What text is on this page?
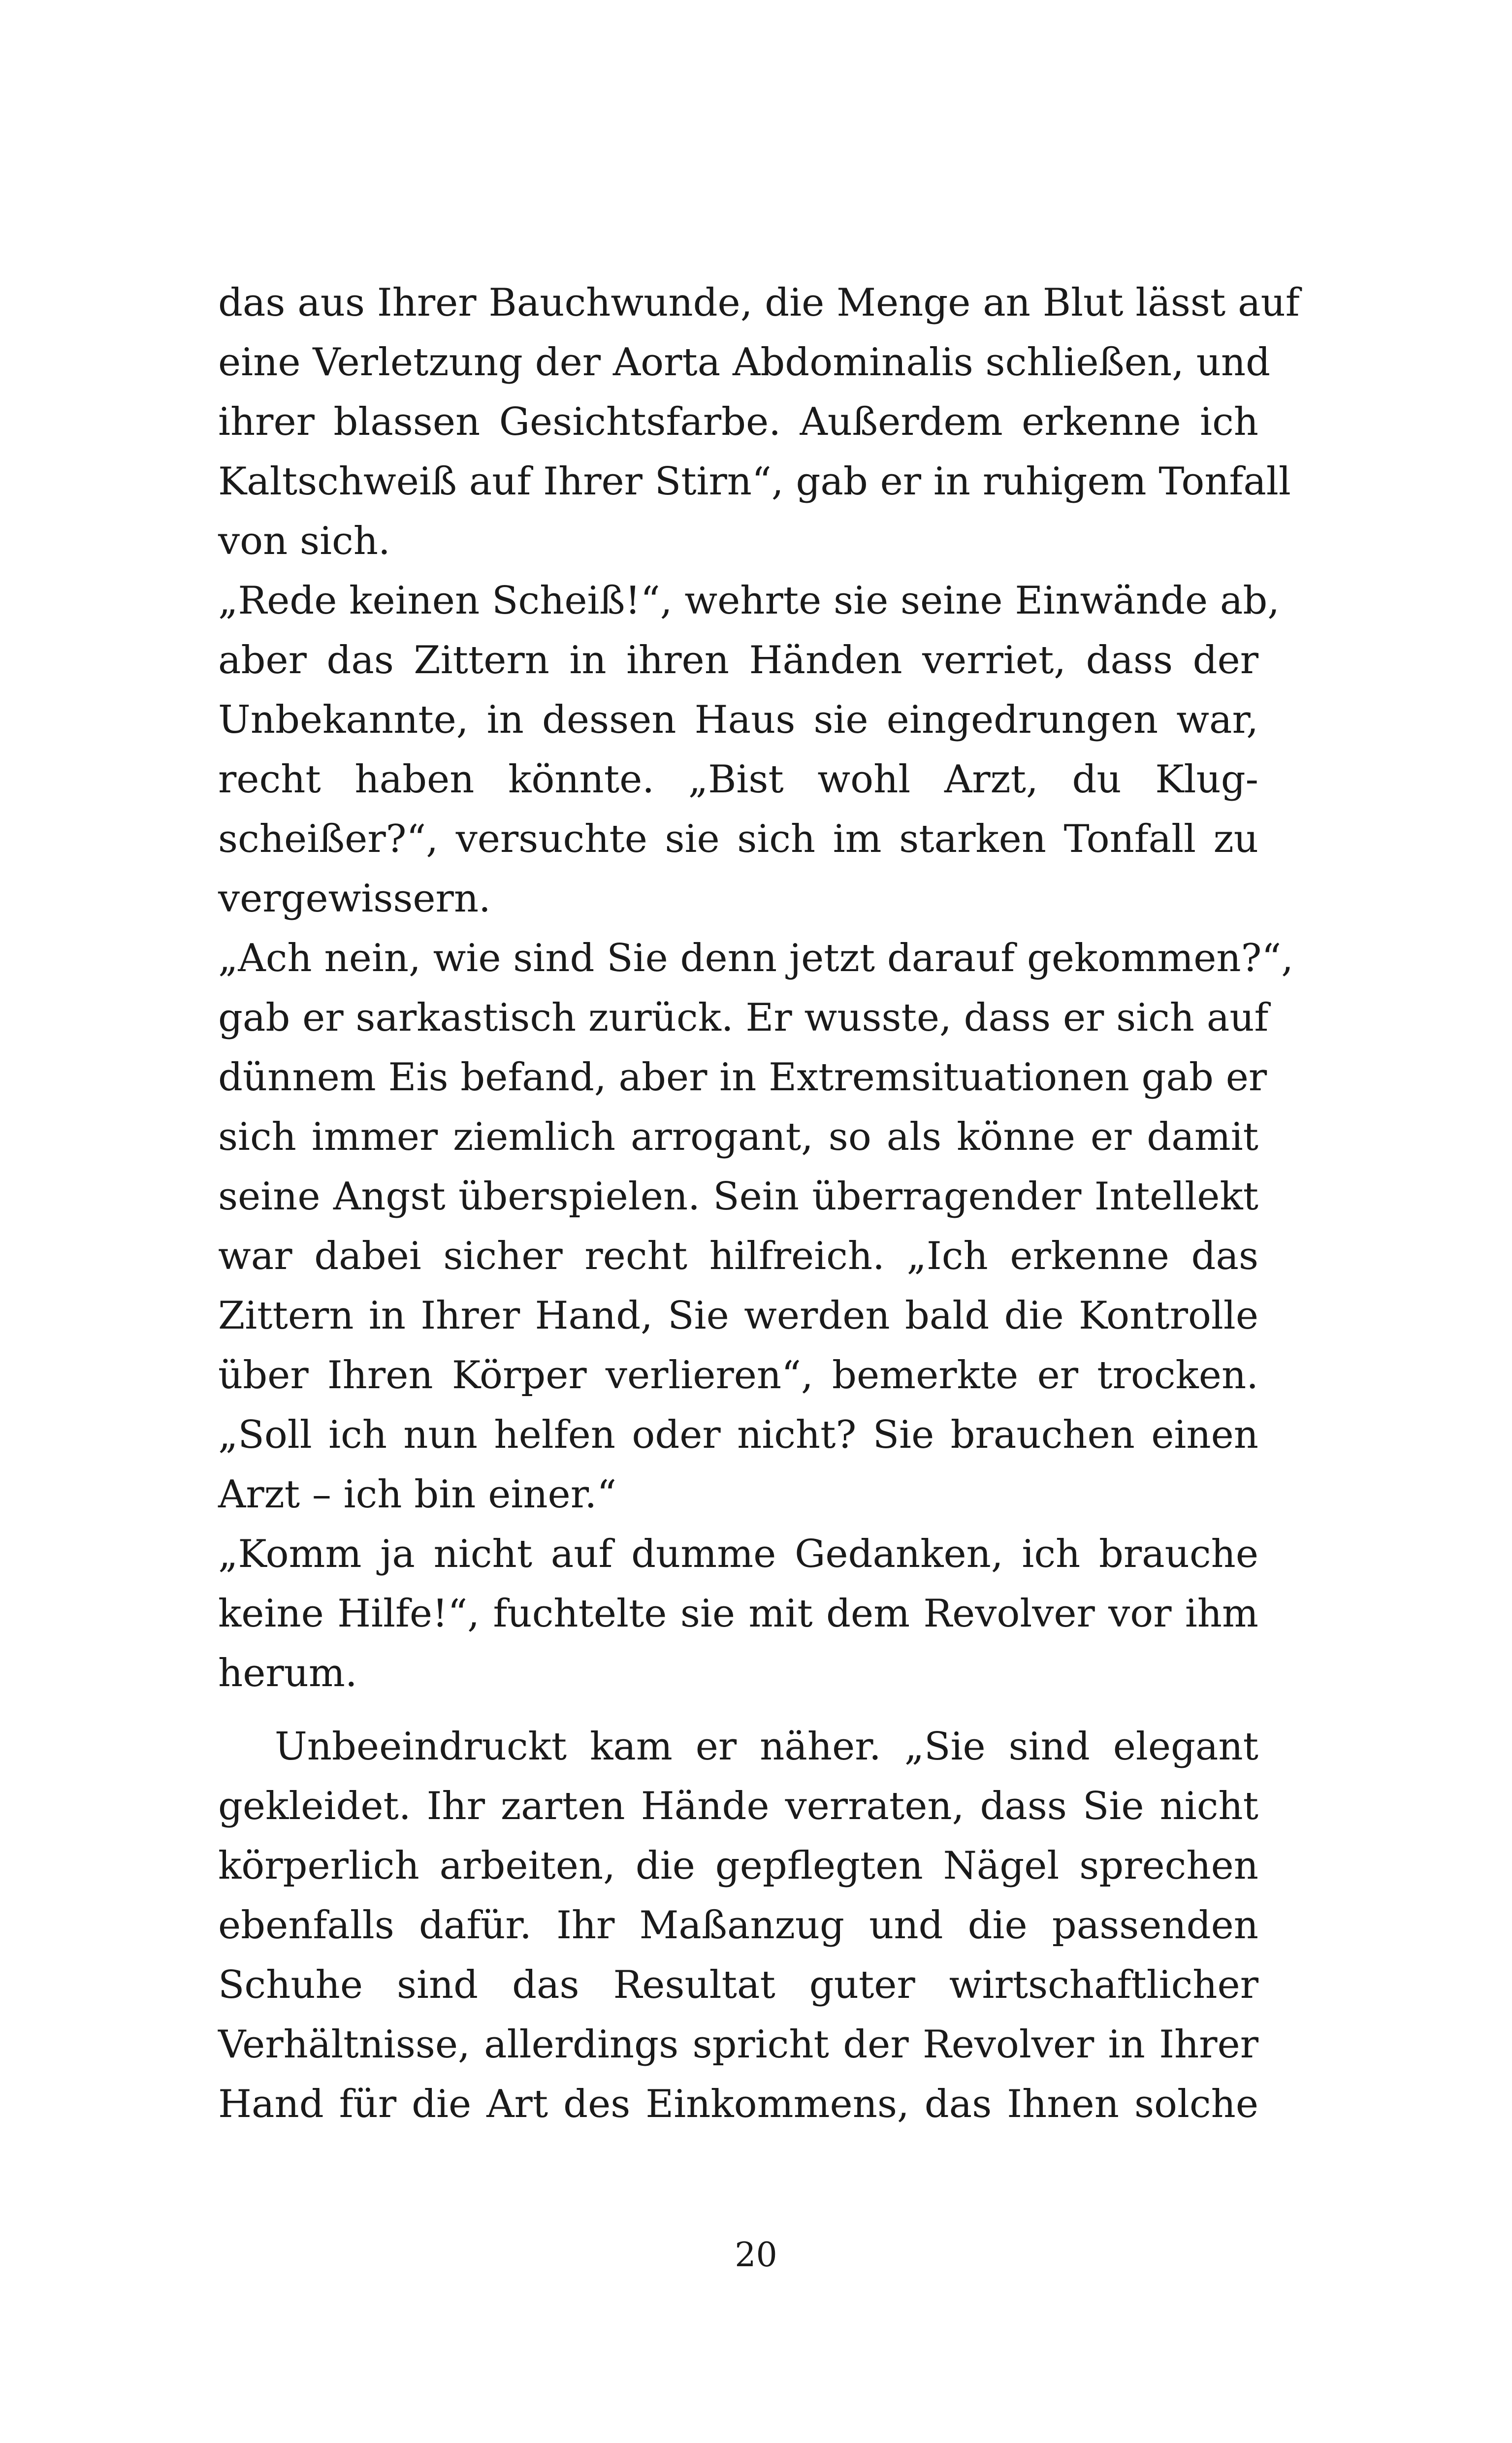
das aus Ihrer Bauchwunde, die Menge an Blut lässt auf
eine Verletzung der Aorta Abdominalis schließen, und
ihrer blassen Gesichtsfarbe. Außerdem erkenne ich
Kaltschweiß auf Ihrer Stirn“, gab er in ruhigem Tonfall
von sich.
„Rede keinen Scheiß!“, wehrte sie seine Einwände ab,
aber das Zittern in ihren Händen verriet, dass der
Unbekannte, in dessen Haus sie eingedrungen war,
recht haben könnte. „Bist wohl Arzt, du Klug-
scheißer?“, versuchte sie sich im starken Tonfall zu
vergewissern.
„Ach nein, wie sind Sie denn jetzt darauf gekommen?“,
gab er sarkastisch zurück. Er wusste, dass er sich auf
dünnem Eis befand, aber in Extremsituationen gab er
sich immer ziemlich arrogant, so als könne er damit
seine Angst überspielen. Sein überragender Intellekt
war dabei sicher recht hilfreich. „Ich erkenne das
Zittern in Ihrer Hand, Sie werden bald die Kontrolle
über Ihren Körper verlieren“, bemerkte er trocken.
„Soll ich nun helfen oder nicht? Sie brauchen einen
Arzt – ich bin einer.“
„Komm ja nicht auf dumme Gedanken, ich brauche
keine Hilfe!“, fuchtelte sie mit dem Revolver vor ihm
herum.
Unbeeindruckt kam er näher. „Sie sind elegant
gekleidet. Ihr zarten Hände verraten, dass Sie nicht
körperlich arbeiten, die gepflegten Nägel sprechen
ebenfalls dafür. Ihr Maßanzug und die passenden
Schuhe sind das Resultat guter wirtschaftlicher
Verhältnisse, allerdings spricht der Revolver in Ihrer
Hand für die Art des Einkommens, das Ihnen solche
20
